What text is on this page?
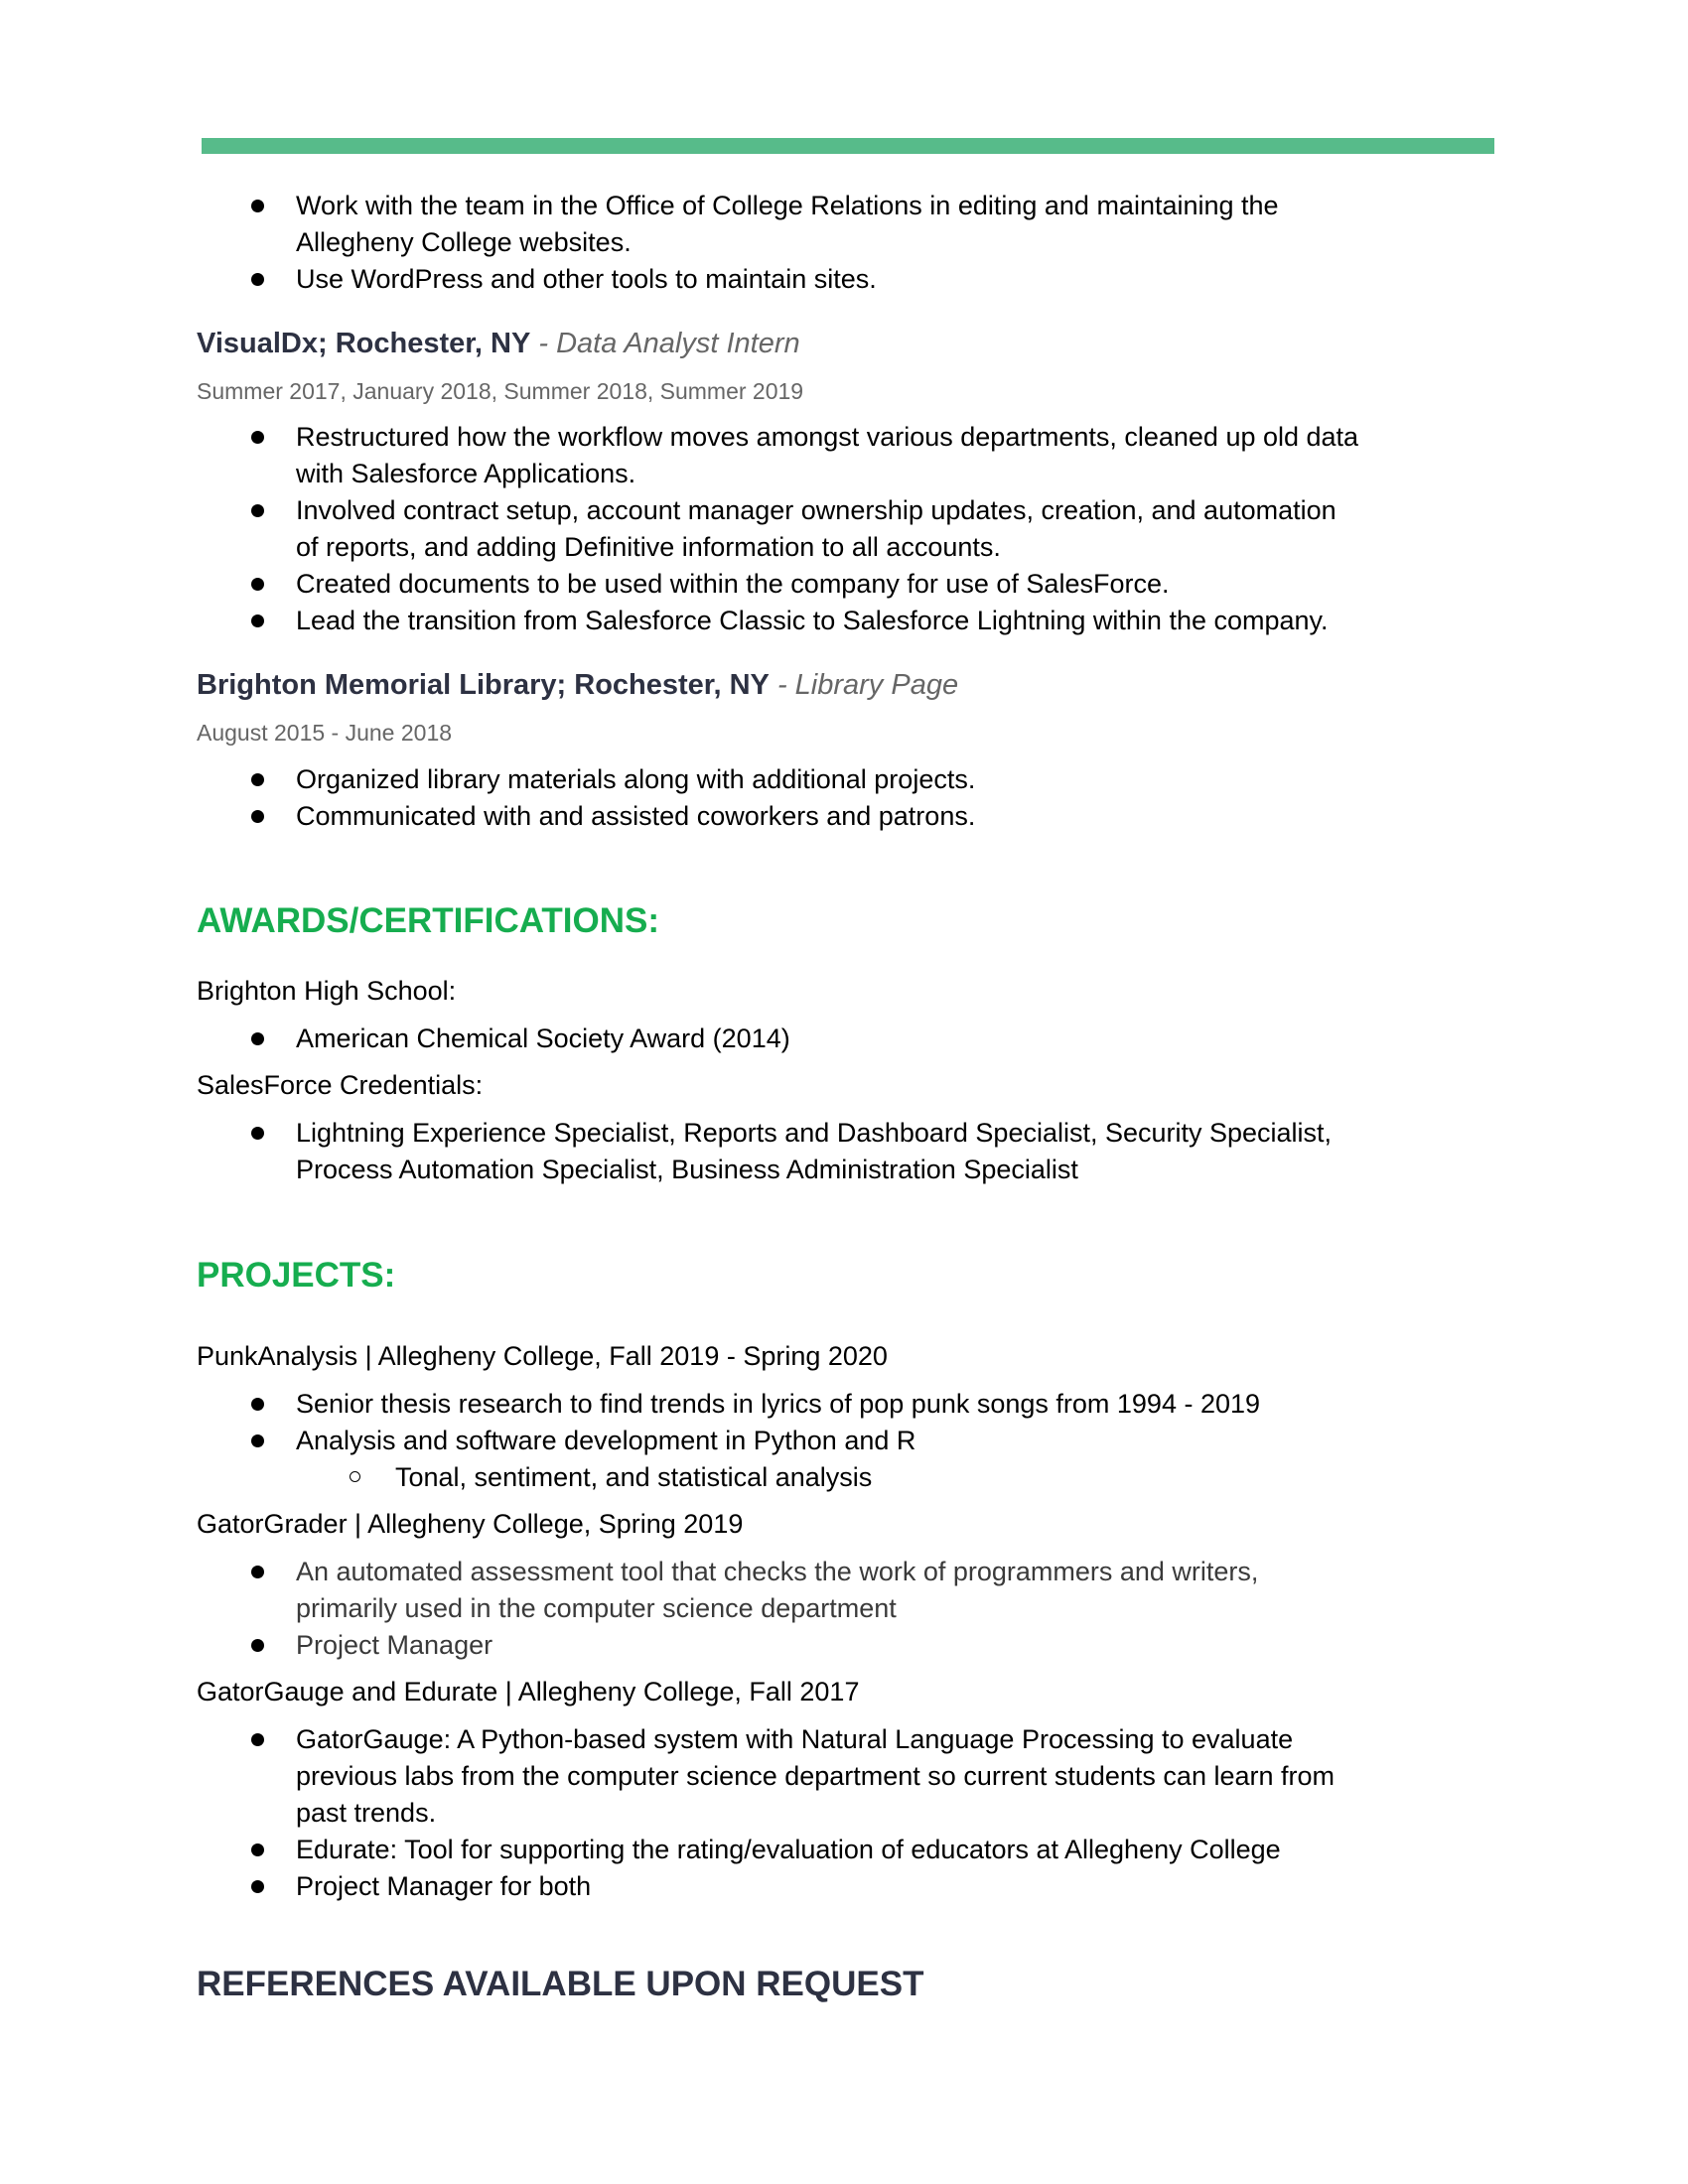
Work with the team in the Office of College Relations in editing and maintaining the
Allegheny College websites.
Use WordPress and other tools to maintain sites.
VisualDx; Rochester, NY - Data Analyst Intern
Summer 2017, January 2018, Summer 2018, Summer 2019
Restructured how the workflow moves amongst various departments, cleaned up old data
with Salesforce Applications.
Involved contract setup, account manager ownership updates, creation, and automation
of reports, and adding Definitive information to all accounts.
Created documents to be used within the company for use of SalesForce.
Lead the transition from Salesforce Classic to Salesforce Lightning within the company.
Brighton Memorial Library; Rochester, NY - Library Page
August 2015 - June 2018
Organized library materials along with additional projects.
Communicated with and assisted coworkers and patrons.
AWARDS/CERTIFICATIONS:
Brighton High School:
American Chemical Society Award (2014)
SalesForce Credentials:
Lightning Experience Specialist, Reports and Dashboard Specialist, Security Specialist,
Process Automation Specialist, Business Administration Specialist
PROJECTS:
PunkAnalysis | Allegheny College, Fall 2019 - Spring 2020
Senior thesis research to find trends in lyrics of pop punk songs from 1994 - 2019
Analysis and software development in Python and R
Tonal, sentiment, and statistical analysis
GatorGrader | Allegheny College, Spring 2019
An automated assessment tool that checks the work of programmers and writers,
primarily used in the computer science department
Project Manager
GatorGauge and Edurate | Allegheny College, Fall 2017
GatorGauge: A Python-based system with Natural Language Processing to evaluate
previous labs from the computer science department so current students can learn from
past trends.
Edurate: Tool for supporting the rating/evaluation of educators at Allegheny College
Project Manager for both
REFERENCES AVAILABLE UPON REQUEST
